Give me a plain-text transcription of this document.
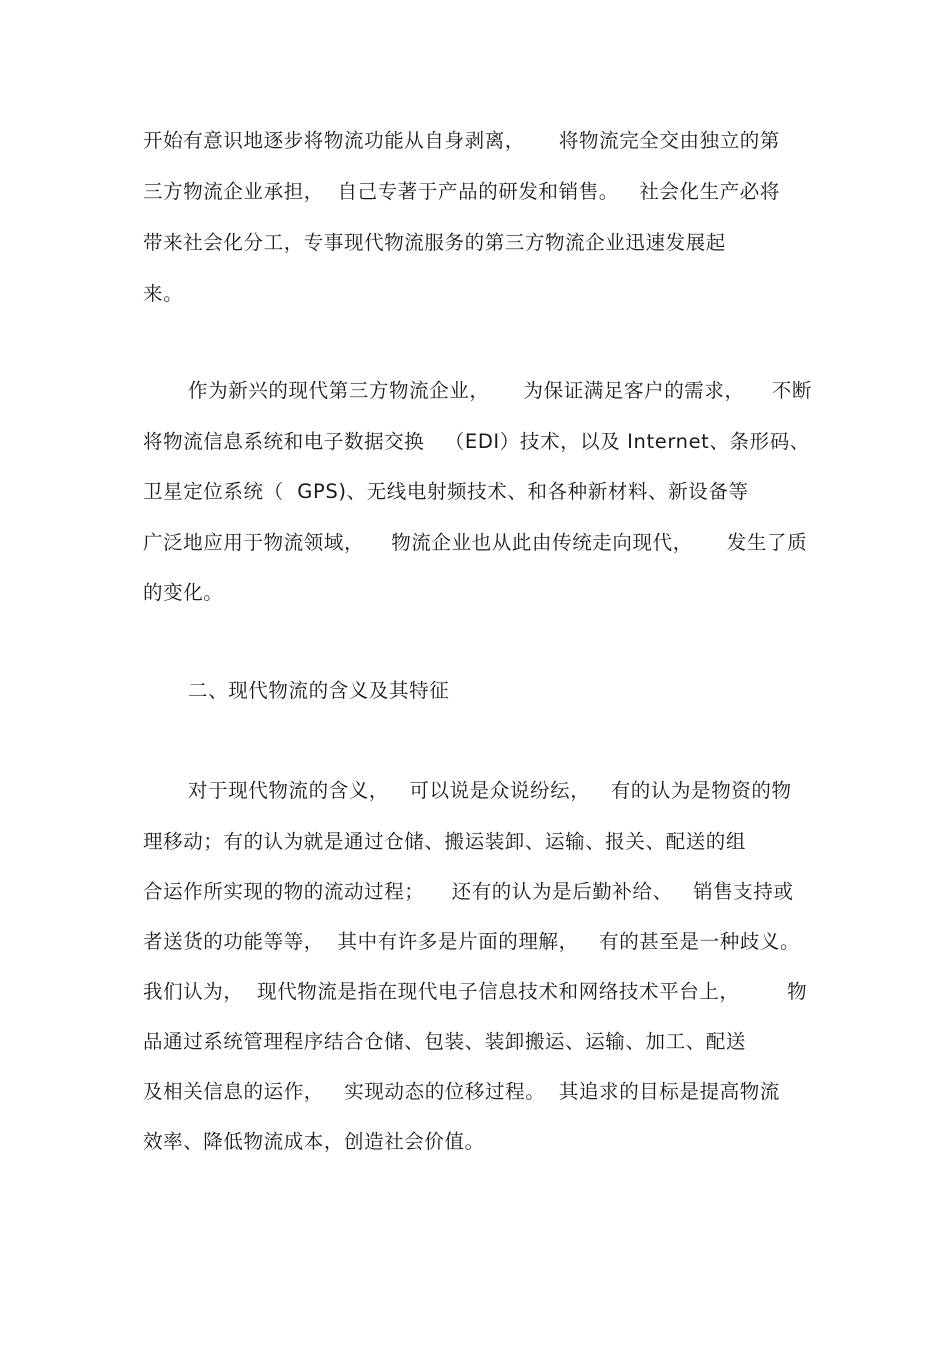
开始有意识地逐步将物流功能从自身剥离，     将物流完全交由独立的第
三方物流企业承担，  自己专著于产品的研发和销售。   社会化生产必将
带来社会化分工，专事现代物流服务的第三方物流企业迅速发展起
来。
作为新兴的现代第三方物流企业，     为保证满足客户的需求，    不断
将物流信息系统和电子数据交换   （EDI）技术，以及 Internet、条形码、
卫星定位系统（  GPS)、无线电射频技术、和各种新材料、新设备等
广泛地应用于物流领域，    物流企业也从此由传统走向现代，     发生了质
的变化。
二、现代物流的含义及其特征
对于现代物流的含义，   可以说是众说纷纭，   有的认为是物资的物
理移动；有的认为就是通过仓储、搬运装卸、运输、报关、配送的组
合运作所实现的物的流动过程；    还有的认为是后勤补给、   销售支持或
者送货的功能等等，  其中有许多是片面的理解，   有的甚至是一种歧义。
我们认为，  现代物流是指在现代电子信息技术和网络技术平台上，       物
品通过系统管理程序结合仓储、包装、装卸搬运、运输、加工、配送
及相关信息的运作，   实现动态的位移过程。  其追求的目标是提高物流
效率、降低物流成本，创造社会价值。
